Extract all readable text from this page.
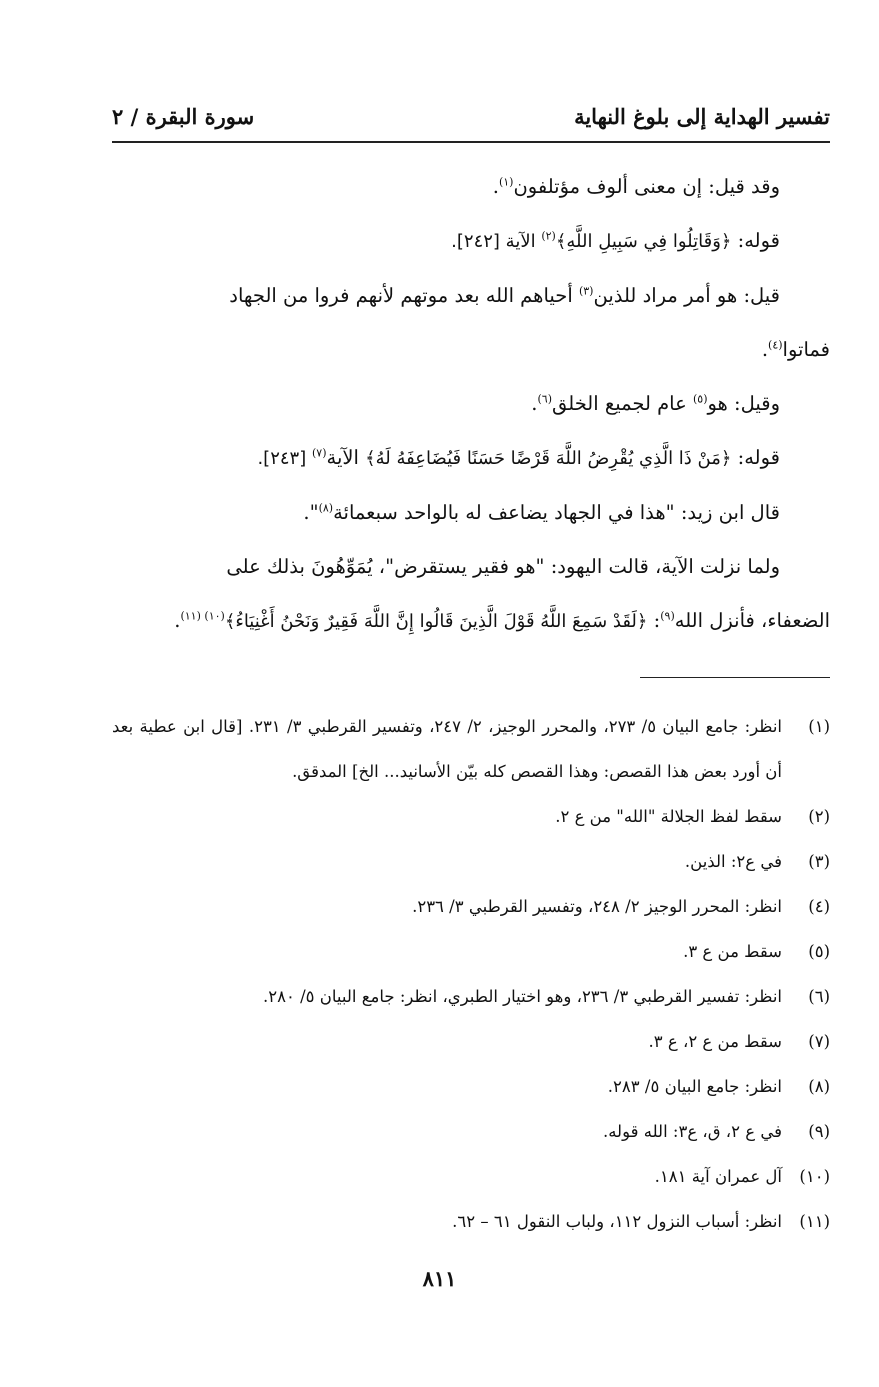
تفسير الهداية إلى بلوغ النهاية
سورة البقرة / ٢

وقد قيل: إن معنى ألوف مؤتلفون$^{(١)}$.

قوله: ﴿وَقَاتِلُوا فِي سَبِيلِ اللَّهِ﴾$^{(٢)}$ الآية [٢٤٢].

قيل: هو أمر مراد للذين$^{(٣)}$ أحياهم الله بعد موتهم لأنهم فروا من الجهاد

فماتوا$^{(٤)}$.

وقيل: هو$^{(٥)}$ عام لجميع الخلق$^{(٦)}$.

قوله: ﴿مَنْ ذَا الَّذِي يُقْرِضُ اللَّهَ قَرْضًا حَسَنًا فَيُضَاعِفَهُ لَهُ﴾ الآية$^{(٧)}$ [٢٤٣].

قال ابن زيد: "هذا في الجهاد يضاعف له بالواحد سبعمائة$^{(٨)}$".

ولما نزلت الآية، قالت اليهود: "هو فقير يستقرض"، يُمَوِّهُونَ بذلك على

الضعفاء، فأنزل الله$^{(٩)}$: ﴿لَقَدْ سَمِعَ اللَّهُ قَوْلَ الَّذِينَ قَالُوا إِنَّ اللَّهَ فَقِيرٌ وَنَحْنُ أَغْنِيَاءُ﴾$^{(١٠) (١١)}$.

(١)
انظر: جامع البيان ٥/ ٢٧٣، والمحرر الوجيز، ٢/ ٢٤٧، وتفسير القرطبي ٣/ ٢٣١. [قال ابن عطية بعد أن أورد بعض هذا القصص: وهذا القصص كله بيّن الأسانيد... الخ] المدقق.
(٢)
سقط لفظ الجلالة "الله" من ع ٢.
(٣)
في ع٢: الذين.
(٤)
انظر: المحرر الوجيز ٢/ ٢٤٨، وتفسير القرطبي ٣/ ٢٣٦.
(٥)
سقط من ع ٣.
(٦)
انظر: تفسير القرطبي ٣/ ٢٣٦، وهو اختيار الطبري، انظر: جامع البيان ٥/ ٢٨٠.
(٧)
سقط من ع ٢، ع ٣.
(٨)
انظر: جامع البيان ٥/ ٢٨٣.
(٩)
في ع ٢، ق، ع٣: الله قوله.
(١٠)
آل عمران آية ١٨١.
(١١)
انظر: أسباب النزول ١١٢، ولباب النقول ٦١ – ٦٢.
٨١١
